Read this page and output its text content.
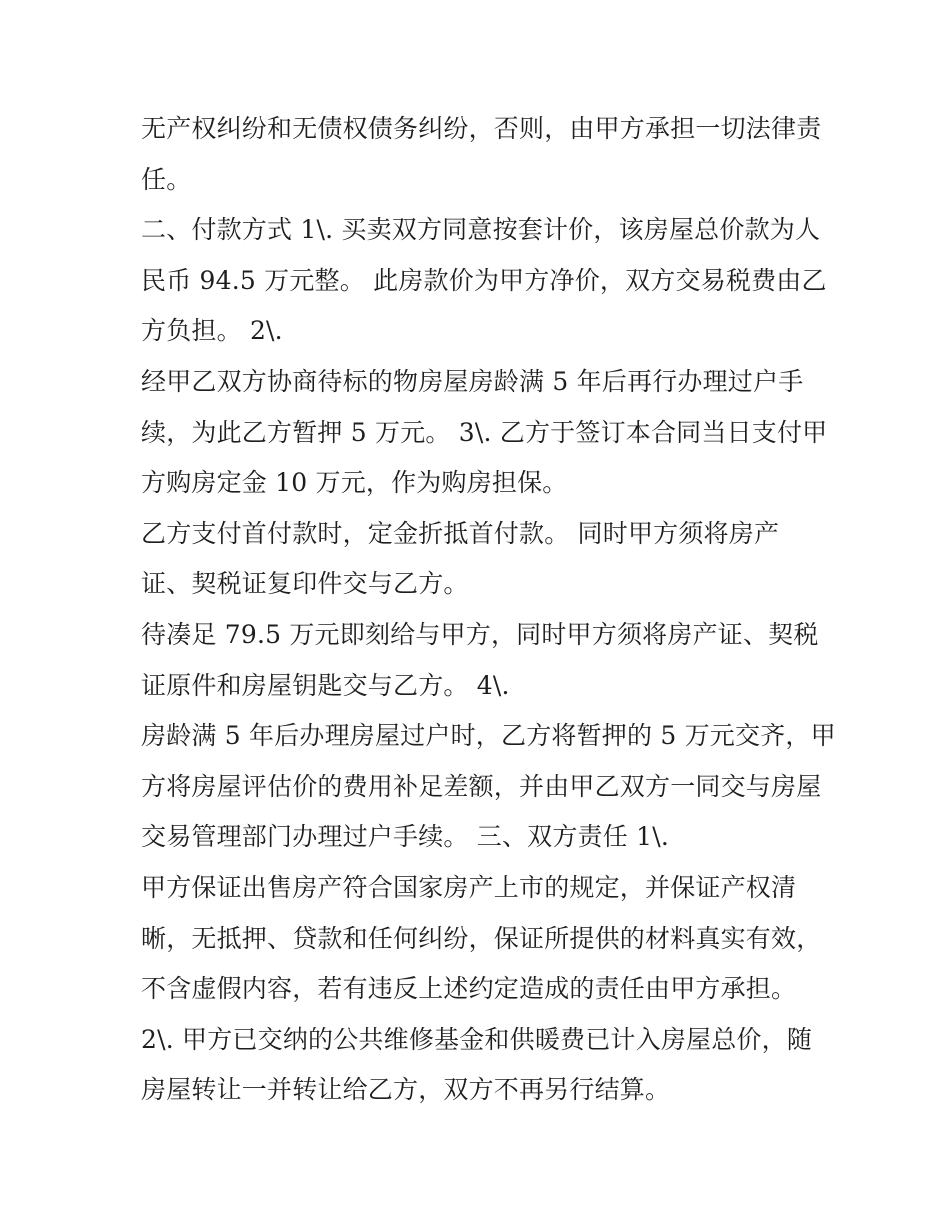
无产权纠纷和无债权债务纠纷，否则，由甲方承担一切法律责
任。
二、付款方式 1\. 买卖双方同意按套计价，该房屋总价款为人
民币 94.5 万元整。 此房款价为甲方净价，双方交易税费由乙
方负担。 2\.
经甲乙双方协商待标的物房屋房龄满 5 年后再行办理过户手
续，为此乙方暂押 5 万元。 3\. 乙方于签订本合同当日支付甲
方购房定金 10 万元，作为购房担保。
乙方支付首付款时，定金折抵首付款。 同时甲方须将房产
证、契税证复印件交与乙方。
待凑足 79.5 万元即刻给与甲方，同时甲方须将房产证、契税
证原件和房屋钥匙交与乙方。 4\.
房龄满 5 年后办理房屋过户时，乙方将暂押的 5 万元交齐，甲
方将房屋评估价的费用补足差额，并由甲乙双方一同交与房屋
交易管理部门办理过户手续。 三、双方责任 1\.
甲方保证出售房产符合国家房产上市的规定，并保证产权清
晰，无抵押、贷款和任何纠纷，保证所提供的材料真实有效，
不含虚假内容，若有违反上述约定造成的责任由甲方承担。
2\. 甲方已交纳的公共维修基金和供暖费已计入房屋总价，随
房屋转让一并转让给乙方，双方不再另行结算。
